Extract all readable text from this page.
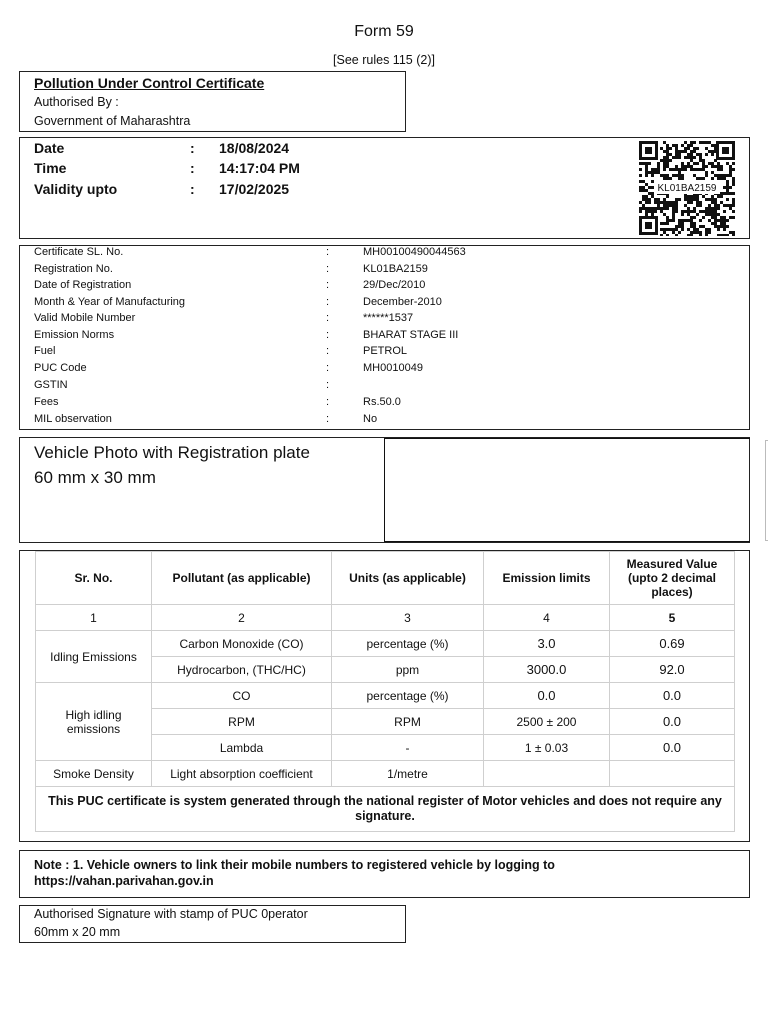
Form 59
[See rules 115 (2)]
Pollution Under Control Certificate
Authorised By :
Government of Maharashtra
Date	: 18/08/2024
Time	: 14:17:04 PM
Validity upto	: 17/02/2025	KL01BA2159
Certificate SL. No.	:	MH00100490044563
Registration No.	:	KL01BA2159
Date of Registration	:	29/Dec/2010
Month & Year of Manufacturing	:	December-2010
Valid Mobile Number	:	******1537
Emission Norms	:	BHARAT STAGE III
Fuel	:	PETROL
PUC Code	:	MH0010049
GSTIN	:
Fees	:	Rs.50.0
MIL observation	:	No
Vehicle Photo with Registration plate
60 mm x 30 mm
Sr. No.	Pollutant (as applicable)	Units (as applicable)	Emission limits	Measured Value (upto 2 decimal places)
1	2	3	4	5
Idling Emissions	Carbon Monoxide (CO)	percentage (%)	3.0	0.69
	Hydrocarbon, (THC/HC)	ppm	3000.0	92.0
High idling emissions	CO	percentage (%)	0.0	0.0
	RPM	RPM	2500 ± 200	0.0
	Lambda	-	1 ± 0.03	0.0
Smoke Density	Light absorption coefficient	1/metre		
This PUC certificate is system generated through the national register of Motor vehicles and does not require any signature.				
Note : 1. Vehicle owners to link their mobile numbers to registered vehicle by logging to
https://vahan.parivahan.gov.in
Authorised Signature with stamp of PUC 0perator
60mm x 20 mm
